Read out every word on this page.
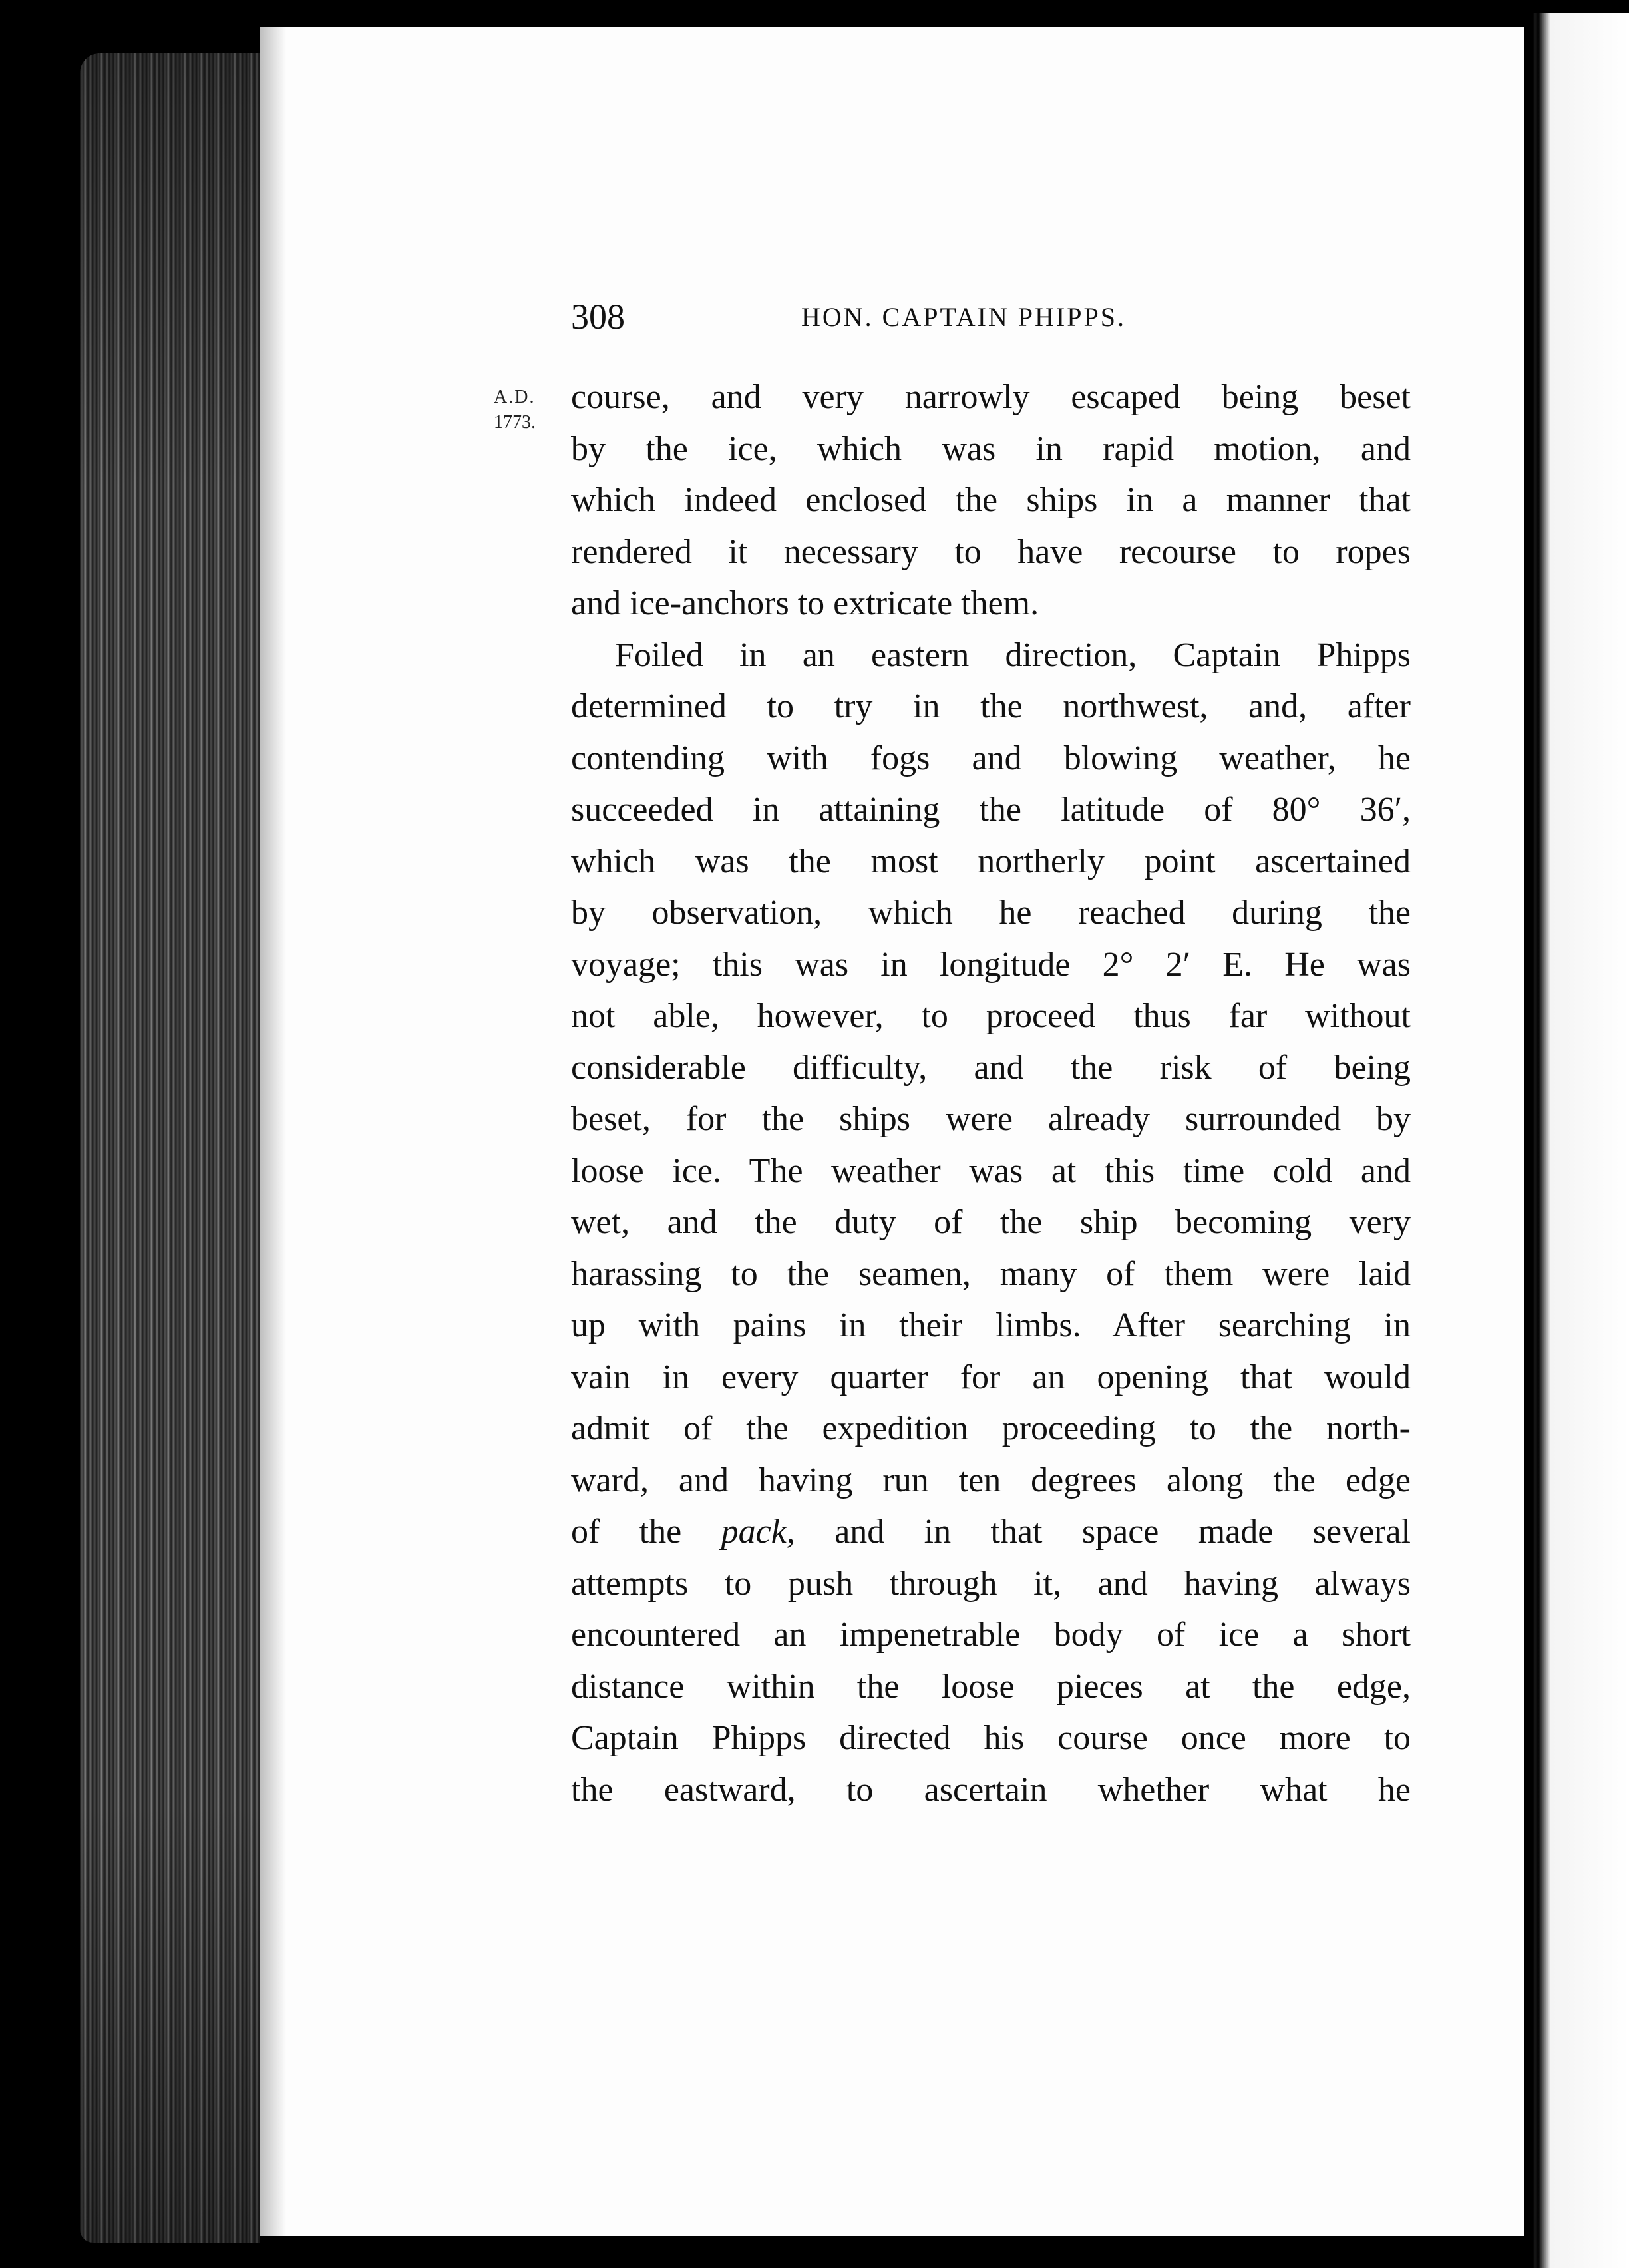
308	HON. CAPTAIN PHIPPS.
A.D.
1773.
course, and very narrowly escaped being beset
by the ice, which was in rapid motion, and
which indeed enclosed the ships in a manner that
rendered it necessary to have recourse to ropes
and ice-anchors to extricate them.
Foiled in an eastern direction, Captain Phipps
determined to try in the northwest, and, after
contending with fogs and blowing weather, he
succeeded in attaining the latitude of 80° 36′,
which was the most northerly point ascertained
by observation, which he reached during the
voyage; this was in longitude 2° 2′ E. He was
not able, however, to proceed thus far without
considerable difficulty, and the risk of being
beset, for the ships were already surrounded by
loose ice. The weather was at this time cold and
wet, and the duty of the ship becoming very
harassing to the seamen, many of them were laid
up with pains in their limbs. After searching in
vain in every quarter for an opening that would
admit of the expedition proceeding to the north-
ward, and having run ten degrees along the edge
of the pack, and in that space made several
attempts to push through it, and having always
encountered an impenetrable body of ice a short
distance within the loose pieces at the edge,
Captain Phipps directed his course once more to
the eastward, to ascertain whether what he
